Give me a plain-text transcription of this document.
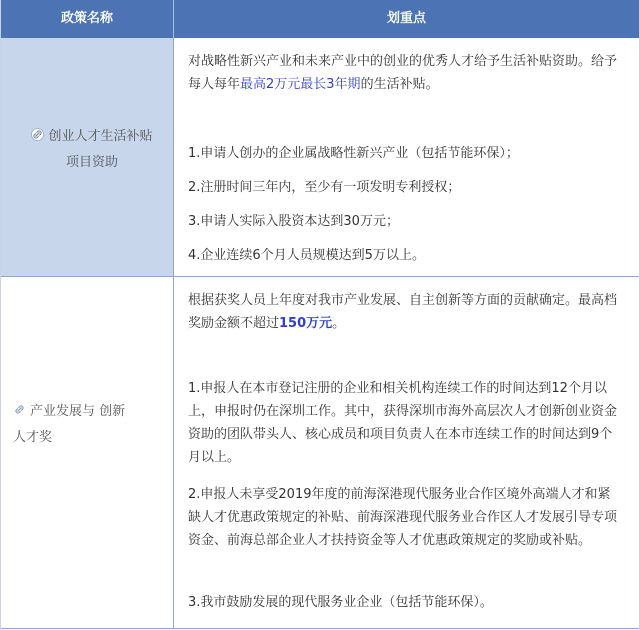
政策名称	划重点
创业人才生活补贴
项目资助

对战略性新兴产业和未来产业中的创业的优秀人才给予生活补贴资助。给予每人每年最高2万元最长3年期的生活补贴。

1.申请人创办的企业属战略性新兴产业（包括节能环保）；

2.注册时间三年内，至少有一项发明专利授权；

3.申请人实际入股资本达到30万元；

4.企业连续6个月人员规模达到5万以上。

产业发展与 创新
人才奖

根据获奖人员上年度对我市产业发展、自主创新等方面的贡献确定。最高档奖励金额不超过150万元。

1.申报人在本市登记注册的企业和相关机构连续工作的时间达到12个月以上，申报时仍在深圳工作。其中，获得深圳市海外高层次人才创新创业资金资助的团队带头人、核心成员和项目负责人在本市连续工作的时间达到9个月以上。

2.申报人未享受2019年度的前海深港现代服务业合作区境外高端人才和紧缺人才优惠政策规定的补贴、前海深港现代服务业合作区人才发展引导专项资金、前海总部企业人才扶持资金等人才优惠政策规定的奖励或补贴。

3.我市鼓励发展的现代服务业企业（包括节能环保）。
